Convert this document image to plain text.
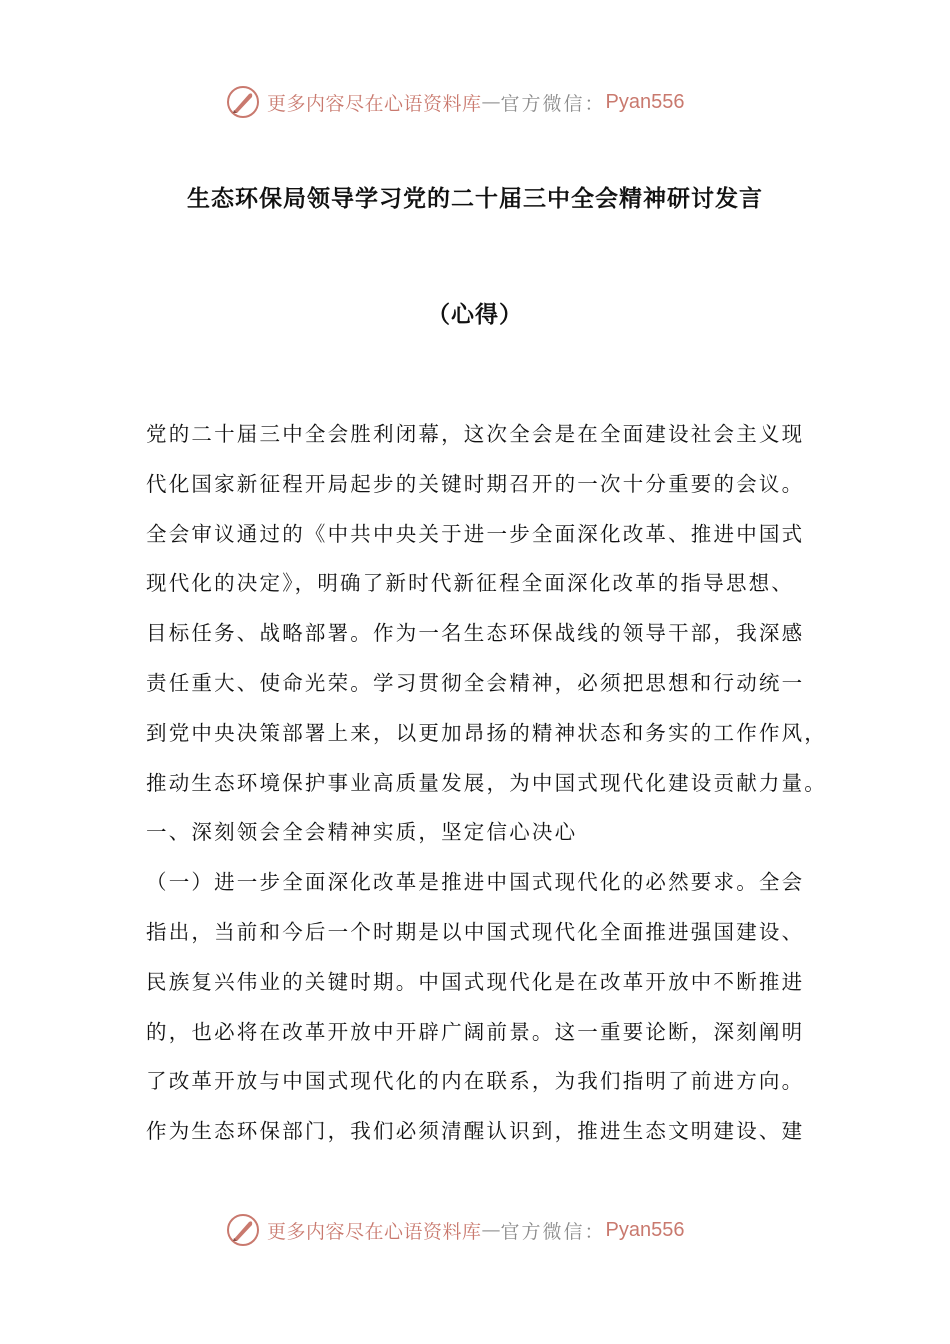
更多内容尽在心语资料库 — 官方微信： Pyan556
生态环保局领导学习党的二十届三中全会精神研讨发言
（心得）
党的二十届三中全会胜利闭幕，这次全会是在全面建设社会主义现
代化国家新征程开局起步的关键时期召开的一次十分重要的会议。
全会审议通过的《中共中央关于进一步全面深化改革、推进中国式
现代化的决定》，明确了新时代新征程全面深化改革的指导思想、
目标任务、战略部署。作为一名生态环保战线的领导干部，我深感
责任重大、使命光荣。学习贯彻全会精神，必须把思想和行动统一
到党中央决策部署上来，以更加昂扬的精神状态和务实的工作作风，
推动生态环境保护事业高质量发展，为中国式现代化建设贡献力量。
一、深刻领会全会精神实质，坚定信心决心
（一）进一步全面深化改革是推进中国式现代化的必然要求。全会
指出，当前和今后一个时期是以中国式现代化全面推进强国建设、
民族复兴伟业的关键时期。中国式现代化是在改革开放中不断推进
的，也必将在改革开放中开辟广阔前景。这一重要论断，深刻阐明
了改革开放与中国式现代化的内在联系，为我们指明了前进方向。
作为生态环保部门，我们必须清醒认识到，推进生态文明建设、建
更多内容尽在心语资料库 — 官方微信： Pyan556
